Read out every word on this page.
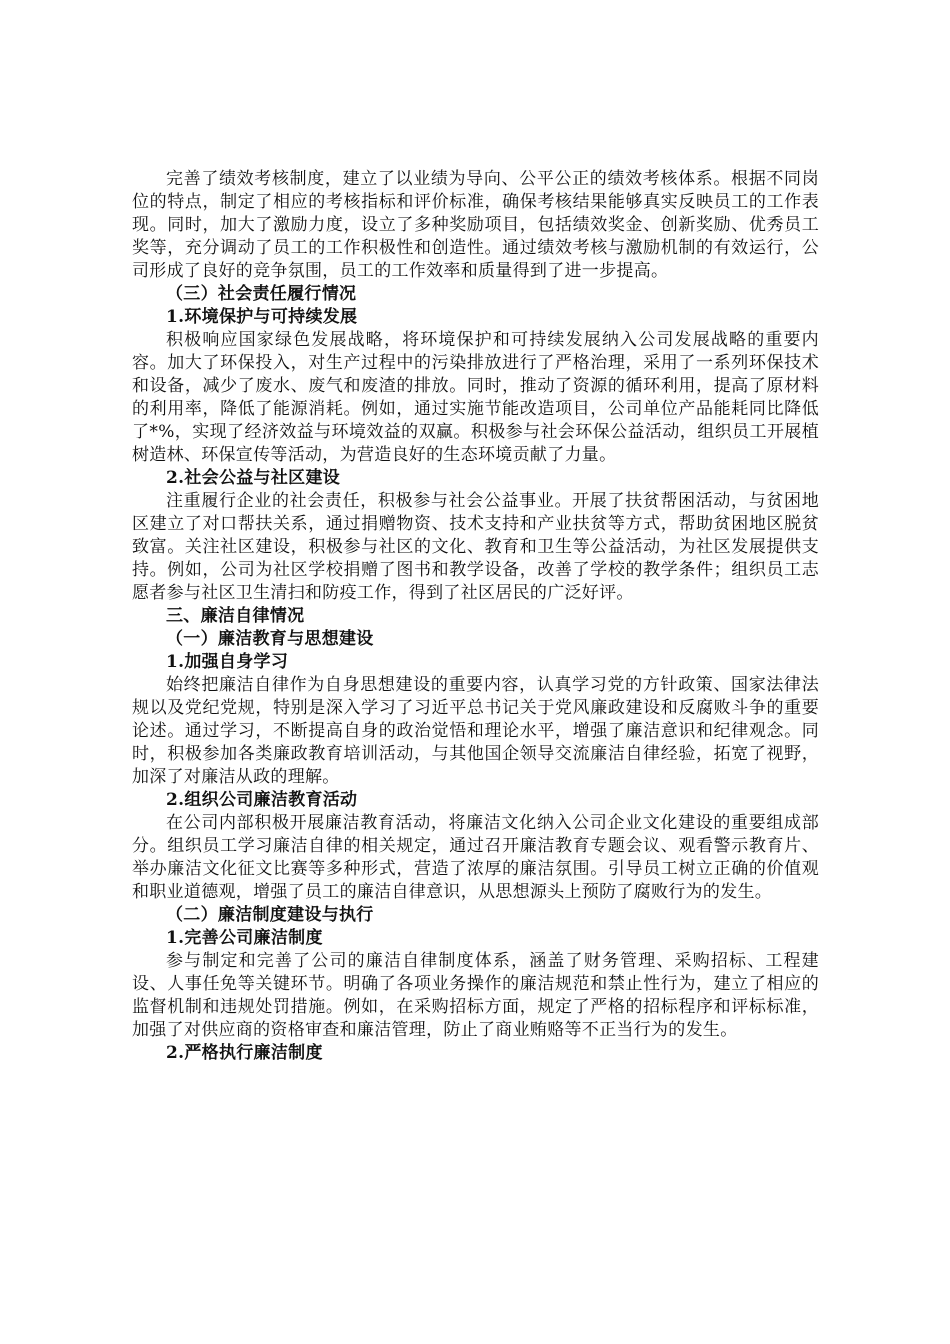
完善了绩效考核制度，建立了以业绩为导向、公平公正的绩效考核体系。根据不同岗位的特点，制定了相应的考核指标和评价标准，确保考核结果能够真实反映员工的工作表现。同时，加大了激励力度，设立了多种奖励项目，包括绩效奖金、创新奖励、优秀员工奖等，充分调动了员工的工作积极性和创造性。通过绩效考核与激励机制的有效运行，公司形成了良好的竞争氛围，员工的工作效率和质量得到了进一步提高。

（三）社会责任履行情况

1.环境保护与可持续发展

积极响应国家绿色发展战略，将环境保护和可持续发展纳入公司发展战略的重要内容。加大了环保投入，对生产过程中的污染排放进行了严格治理，采用了一系列环保技术和设备，减少了废水、废气和废渣的排放。同时，推动了资源的循环利用，提高了原材料的利用率，降低了能源消耗。例如，通过实施节能改造项目，公司单位产品能耗同比降低了*%，实现了经济效益与环境效益的双赢。积极参与社会环保公益活动，组织员工开展植树造林、环保宣传等活动，为营造良好的生态环境贡献了力量。

2.社会公益与社区建设

注重履行企业的社会责任，积极参与社会公益事业。开展了扶贫帮困活动，与贫困地区建立了对口帮扶关系，通过捐赠物资、技术支持和产业扶贫等方式，帮助贫困地区脱贫致富。关注社区建设，积极参与社区的文化、教育和卫生等公益活动，为社区发展提供支持。例如，公司为社区学校捐赠了图书和教学设备，改善了学校的教学条件；组织员工志愿者参与社区卫生清扫和防疫工作，得到了社区居民的广泛好评。

三、廉洁自律情况

（一）廉洁教育与思想建设

1.加强自身学习

始终把廉洁自律作为自身思想建设的重要内容，认真学习党的方针政策、国家法律法规以及党纪党规，特别是深入学习了习近平总书记关于党风廉政建设和反腐败斗争的重要论述。通过学习，不断提高自身的政治觉悟和理论水平，增强了廉洁意识和纪律观念。同时，积极参加各类廉政教育培训活动，与其他国企领导交流廉洁自律经验，拓宽了视野，加深了对廉洁从政的理解。

2.组织公司廉洁教育活动

在公司内部积极开展廉洁教育活动，将廉洁文化纳入公司企业文化建设的重要组成部分。组织员工学习廉洁自律的相关规定，通过召开廉洁教育专题会议、观看警示教育片、举办廉洁文化征文比赛等多种形式，营造了浓厚的廉洁氛围。引导员工树立正确的价值观和职业道德观，增强了员工的廉洁自律意识，从思想源头上预防了腐败行为的发生。

（二）廉洁制度建设与执行

1.完善公司廉洁制度

参与制定和完善了公司的廉洁自律制度体系，涵盖了财务管理、采购招标、工程建设、人事任免等关键环节。明确了各项业务操作的廉洁规范和禁止性行为，建立了相应的监督机制和违规处罚措施。例如，在采购招标方面，规定了严格的招标程序和评标标准，加强了对供应商的资格审查和廉洁管理，防止了商业贿赂等不正当行为的发生。

2.严格执行廉洁制度
